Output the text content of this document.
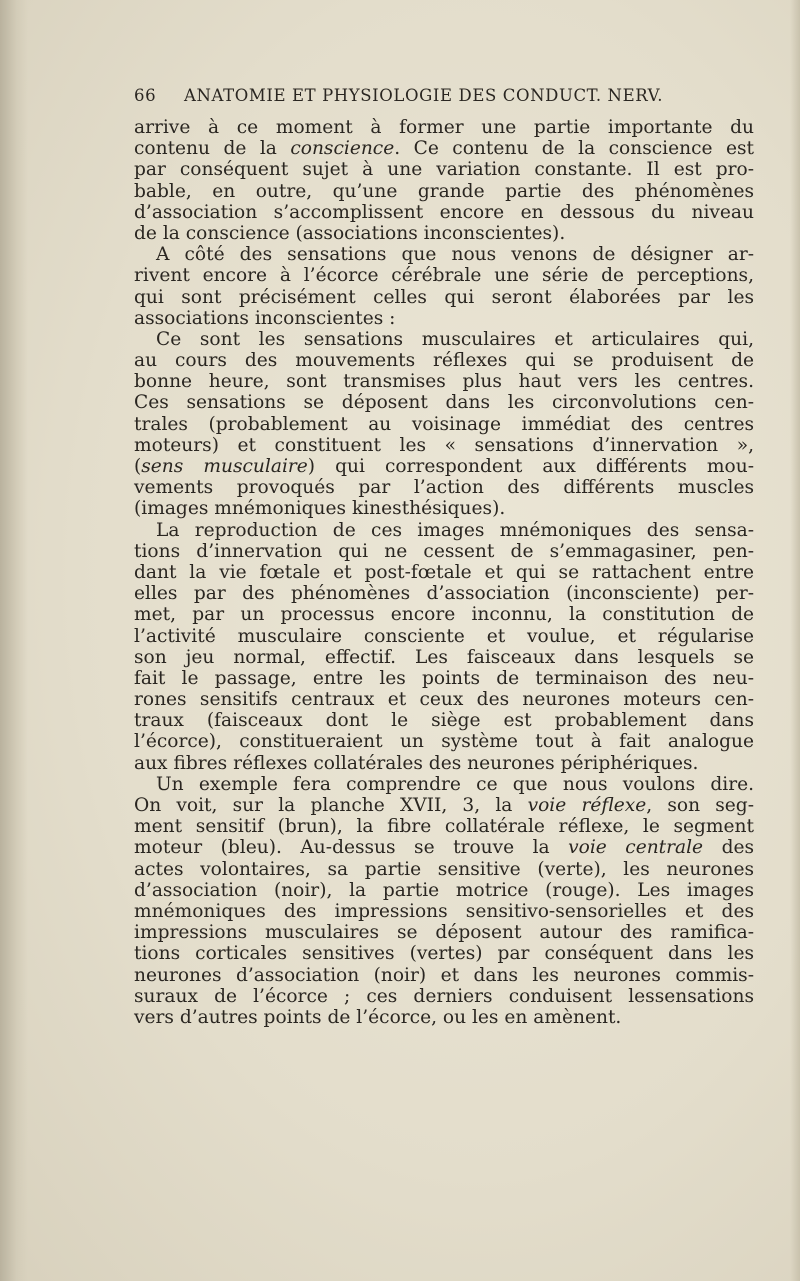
66	ANATOMIE ET PHYSIOLOGIE DES CONDUCT. NERV.
arrive à ce moment à former une partie importante du
contenu de la conscience. Ce contenu de la conscience est
par conséquent sujet à une variation constante. Il est pro-
bable, en outre, qu’une grande partie des phénomènes
d’association s’accomplissent encore en dessous du niveau
de la conscience (associations inconscientes).
A côté des sensations que nous venons de désigner ar-
rivent encore à l’écorce cérébrale une série de perceptions,
qui sont précisément celles qui seront élaborées par les
associations inconscientes :
Ce sont les sensations musculaires et articulaires qui,
au cours des mouvements réflexes qui se produisent de
bonne heure, sont transmises plus haut vers les centres.
Ces sensations se déposent dans les circonvolutions cen-
trales (probablement au voisinage immédiat des centres
moteurs) et constituent les « sensations d’innervation »,
(sens musculaire) qui correspondent aux différents mou-
vements provoqués par l’action des différents muscles
(images mnémoniques kinesthésiques).
La reproduction de ces images mnémoniques des sensa-
tions d’innervation qui ne cessent de s’emmagasiner, pen-
dant la vie fœtale et post-fœtale et qui se rattachent entre
elles par des phénomènes d’association (inconsciente) per-
met, par un processus encore inconnu, la constitution de
l’activité musculaire consciente et voulue, et régularise
son jeu normal, effectif. Les faisceaux dans lesquels se
fait le passage, entre les points de terminaison des neu-
rones sensitifs centraux et ceux des neurones moteurs cen-
traux (faisceaux dont le siège est probablement dans
l’écorce), constitueraient un système tout à fait analogue
aux fibres réflexes collatérales des neurones périphériques.
Un exemple fera comprendre ce que nous voulons dire.
On voit, sur la planche XVII, 3, la voie réflexe, son seg-
ment sensitif (brun), la fibre collatérale réflexe, le segment
moteur (bleu). Au-dessus se trouve la voie centrale des
actes volontaires, sa partie sensitive (verte), les neurones
d’association (noir), la partie motrice (rouge). Les images
mnémoniques des impressions sensitivo-sensorielles et des
impressions musculaires se déposent autour des ramifica-
tions corticales sensitives (vertes) par conséquent dans les
neurones d’association (noir) et dans les neurones commis-
suraux de l’écorce ; ces derniers conduisent lessensations
vers d’autres points de l’écorce, ou les en amènent.
